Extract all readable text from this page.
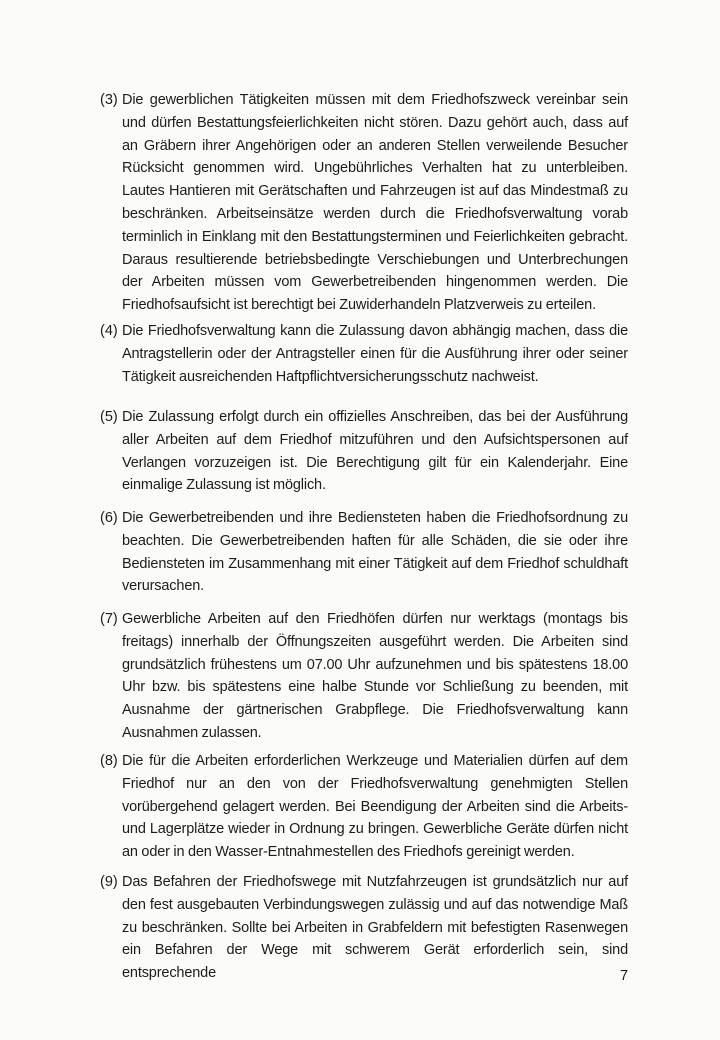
(3) Die gewerblichen Tätigkeiten müssen mit dem Friedhofszweck vereinbar sein und dürfen Bestattungsfeierlichkeiten nicht stören. Dazu gehört auch, dass auf an Gräbern ihrer Angehörigen oder an anderen Stellen verweilende Besucher Rücksicht genommen wird. Ungebührliches Verhalten hat zu unterbleiben. Lautes Hantieren mit Gerätschaften und Fahrzeugen ist auf das Mindestmaß zu beschränken. Arbeitseinsätze werden durch die Friedhofsverwaltung vorab terminlich in Einklang mit den Bestattungsterminen und Feierlichkeiten gebracht. Daraus resultierende betriebsbedingte Verschiebungen und Unterbrechungen der Arbeiten müssen vom Gewerbetreibenden hingenommen werden. Die Friedhofsaufsicht ist berechtigt bei Zuwiderhandeln Platzverweis zu erteilen.
(4) Die Friedhofsverwaltung kann die Zulassung davon abhängig machen, dass die Antragstellerin oder der Antragsteller einen für die Ausführung ihrer oder seiner Tätigkeit ausreichenden Haftpflichtversicherungsschutz nachweist.
(5) Die Zulassung erfolgt durch ein offizielles Anschreiben, das bei der Ausführung aller Arbeiten auf dem Friedhof mitzuführen und den Aufsichtspersonen auf Verlangen vorzuzeigen ist. Die Berechtigung gilt für ein Kalenderjahr. Eine einmalige Zulassung ist möglich.
(6) Die Gewerbetreibenden und ihre Bediensteten haben die Friedhofsordnung zu beachten. Die Gewerbetreibenden haften für alle Schäden, die sie oder ihre Bediensteten im Zusammenhang mit einer Tätigkeit auf dem Friedhof schuldhaft verursachen.
(7) Gewerbliche Arbeiten auf den Friedhöfen dürfen nur werktags (montags bis freitags) innerhalb der Öffnungszeiten ausgeführt werden. Die Arbeiten sind grundsätzlich frühestens um 07.00 Uhr aufzunehmen und bis spätestens 18.00 Uhr bzw. bis spätestens eine halbe Stunde vor Schließung zu beenden, mit Ausnahme der gärtnerischen Grabpflege. Die Friedhofsverwaltung kann Ausnahmen zulassen.
(8) Die für die Arbeiten erforderlichen Werkzeuge und Materialien dürfen auf dem Friedhof nur an den von der Friedhofsverwaltung genehmigten Stellen vorübergehend gelagert werden. Bei Beendigung der Arbeiten sind die Arbeits- und Lagerplätze wieder in Ordnung zu bringen. Gewerbliche Geräte dürfen nicht an oder in den Wasser-Entnahmestellen des Friedhofs gereinigt werden.
(9) Das Befahren der Friedhofswege mit Nutzfahrzeugen ist grundsätzlich nur auf den fest ausgebauten Verbindungswegen zulässig und auf das notwendige Maß zu beschränken. Sollte bei Arbeiten in Grabfeldern mit befestigten Rasenwegen ein Befahren der Wege mit schwerem Gerät erforderlich sein, sind entsprechende	7
